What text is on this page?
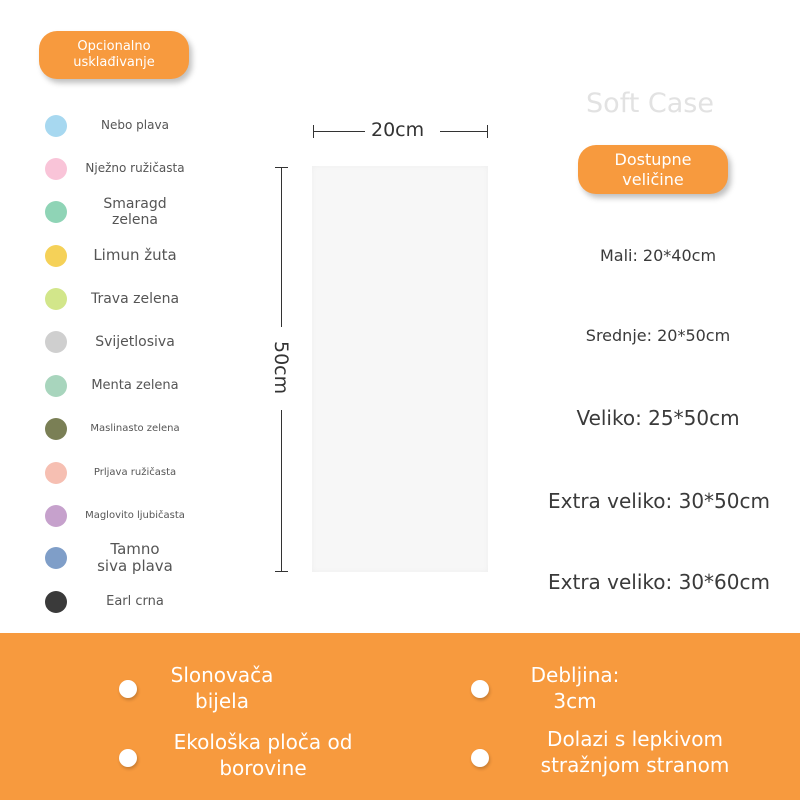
Opcionalno
usklađivanje
Nebo plava
Nježno ružičasta
Smaragd
zelena
Limun žuta
Trava zelena
Svijetlosiva
Menta zelena
Maslinasto zelena
Prljava ružičasta
Maglovito ljubičasta
Tamno
siva plava
Earl crna
Soft Case
20cm
50cm
Dostupne
veličine
Mali: 20*40cm
Srednje: 20*50cm
Veliko: 25*50cm
Extra veliko: 30*50cm
Extra veliko: 30*60cm
Slonovača
bijela
Debljina:
3cm
Ekološka ploča od
borovine
Dolazi s lepkivom
stražnjom stranom
